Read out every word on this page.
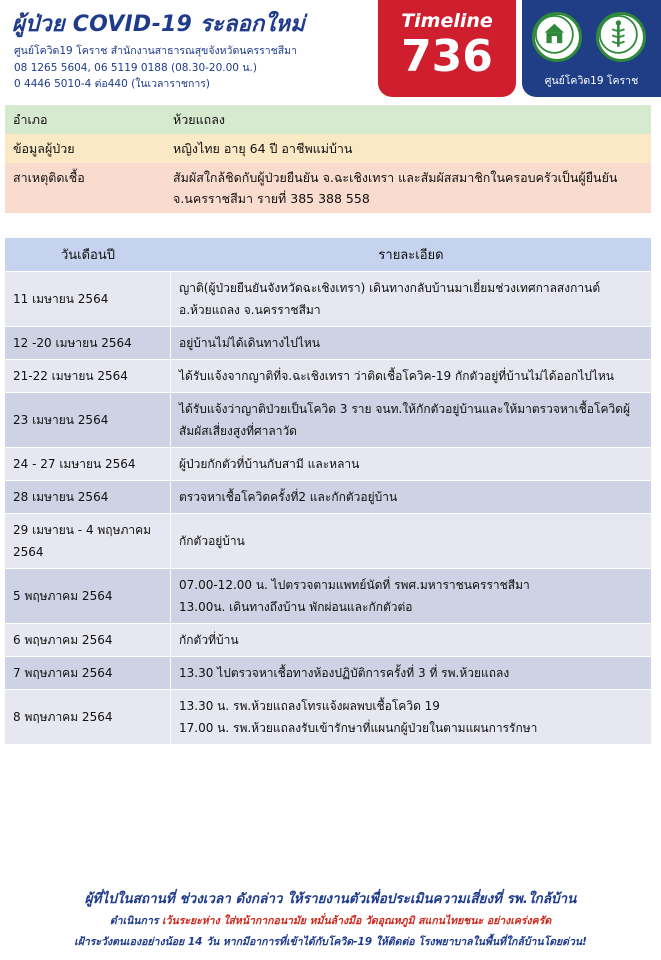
ผู้ป่วย COVID-19 ระลอกใหม่
ศูนย์โควิด19 โคราช สำนักงานสาธารณสุขจังหวัดนครราชสีมา
08 1265 5604, 06 5119 0188 (08.30-20.00 น.)
0 4446 5010-4 ต่อ440 (ในเวลาราชการ)
Timeline
736	ศูนย์โควิด19 โคราช
อำเภอ	ห้วยแถลง
ข้อมูลผู้ป่วย	หญิงไทย อายุ 64 ปี อาชีพแม่บ้าน
สาเหตุติดเชื้อ	สัมผัสใกล้ชิดกับผู้ป่วยยืนยัน จ.ฉะเชิงเทรา และสัมผัสสมาชิกในครอบครัวเป็นผู้ยืนยัน จ.นครราชสีมา รายที่ 385 388 558
วันเดือนปี	รายละเอียด
11 เมษายน 2564	ญาติ(ผู้ป่วยยืนยันจังหวัดฉะเชิงเทรา) เดินทางกลับบ้านมาเยี่ยมช่วงเทศกาลสงกานต์ อ.ห้วยแถลง จ.นครราชสีมา

12 -20 เมษายน 2564	อยู่บ้านไม่ได้เดินทางไปไหน

21-22 เมษายน 2564	ได้รับแจ้งจากญาติที่จ.ฉะเชิงเทรา ว่าติดเชื้อโควิค-19 กักตัวอยู่ที่บ้านไม่ได้ออกไปไหน

23 เมษายน 2564	ได้รับแจ้งว่าญาติป่วยเป็นโควิด 3 ราย จนท.ให้กักตัวอยู่บ้านและให้มาตรวจหาเชื้อโควิดผู้สัมผัสเสี่ยงสูงที่ศาลาวัด

24 - 27 เมษายน 2564	ผู้ป่วยกักตัวที่บ้านกับสามี และหลาน

28 เมษายน 2564	ตรวจหาเชื้อโควิดครั้งที่2 และกักตัวอยู่บ้าน

29 เมษายน - 4 พฤษภาคม 2564	กักตัวอยู่บ้าน

5 พฤษภาคม 2564	07.00-12.00 น. ไปตรวจตามแพทย์นัดที่ รพศ.มหาราชนครราชสีมา
13.00น. เดินทางถึงบ้าน พักผ่อนและกักตัวต่อ

6 พฤษภาคม 2564	กักตัวที่บ้าน

7 พฤษภาคม 2564	13.30 ไปตรวจหาเชื้อทางห้องปฏิบัติการครั้งที่ 3 ที่ รพ.ห้วยแถลง

8 พฤษภาคม 2564	13.30 น. รพ.ห้วยแถลงโทรแจ้งผลพบเชื้อโควิด 19
17.00 น. รพ.ห้วยแถลงรับเข้ารักษาที่แผนกผู้ป่วยในตามแผนการรักษา
ผู้ที่ไปในสถานที่ ช่วงเวลา ดังกล่าว ให้รายงานตัวเพื่อประเมินความเสี่ยงที่ รพ.ใกล้บ้าน
ดำเนินการ เว้นระยะห่าง ใส่หน้ากากอนามัย หมั่นล้างมือ วัดอุณหภูมิ สแกนไทยชนะ อย่างเคร่งครัด
เฝ้าระวังตนเองอย่างน้อย 14 วัน หากมีอาการที่เข้าได้กับโควิด-19 ให้ติดต่อ โรงพยาบาลในพื้นที่ใกล้บ้านโดยด่วน!
